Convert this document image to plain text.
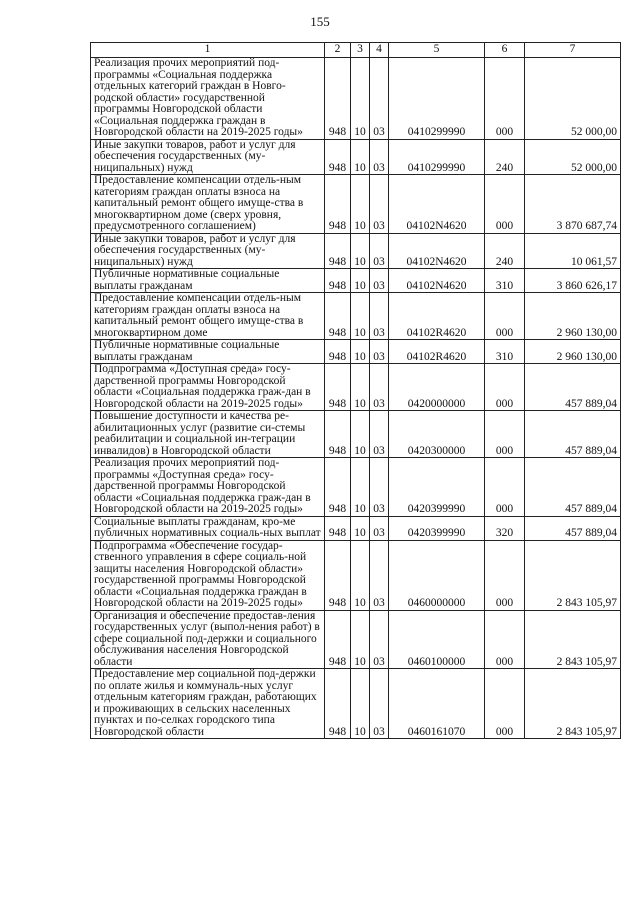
155
1	2	3	4	5	6	7
Реализация прочих мероприятий под-программы «Социальная поддержка отдельных категорий граждан в Новго-родской области» государственной программы Новгородской области «Социальная поддержка граждан в Новгородской области на 2019-2025 годы»	948	10	03	0410299990	000	52 000,00
Иные закупки товаров, работ и услуг для обеспечения государственных (му-ниципальных) нужд	948	10	03	0410299990	240	52 000,00
Предоставление компенсации отдель-ным категориям граждан оплаты взноса на капитальный ремонт общего имуще-ства в многоквартирном доме (сверх уровня, предусмотренного соглашением)	948	10	03	04102N4620	000	3 870 687,74
Иные закупки товаров, работ и услуг для обеспечения государственных (му-ниципальных) нужд	948	10	03	04102N4620	240	10 061,57
Публичные нормативные социальные выплаты гражданам	948	10	03	04102N4620	310	3 860 626,17
Предоставление компенсации отдель-ным категориям граждан оплаты взноса на капитальный ремонт общего имуще-ства в многоквартирном доме	948	10	03	04102R4620	000	2 960 130,00
Публичные нормативные социальные выплаты гражданам	948	10	03	04102R4620	310	2 960 130,00
Подпрограмма «Доступная среда» госу-дарственной программы Новгородской области «Социальная поддержка граж-дан в Новгородской области на 2019-2025 годы»	948	10	03	0420000000	000	457 889,04
Повышение доступности и качества ре-абилитационных услуг (развитие си-стемы реабилитации и социальной ин-теграции инвалидов) в Новгородской области	948	10	03	0420300000	000	457 889,04
Реализация прочих мероприятий под-программы «Доступная среда» госу-дарственной программы Новгородской области «Социальная поддержка граж-дан в Новгородской области на 2019-2025 годы»	948	10	03	0420399990	000	457 889,04
Социальные выплаты гражданам, кро-ме публичных нормативных социаль-ных выплат	948	10	03	0420399990	320	457 889,04
Подпрограмма «Обеспечение государ-ственного управления в сфере социаль-ной защиты населения Новгородской области» государственной программы Новгородской области «Социальная поддержка граждан в Новгородской области на 2019-2025 годы»	948	10	03	0460000000	000	2 843 105,97
Организация и обеспечение предостав-ления государственных услуг (выпол-нения работ) в сфере социальной под-держки и социального обслуживания населения Новгородской области	948	10	03	0460100000	000	2 843 105,97
Предоставление мер социальной под-держки по оплате жилья и коммуналь-ных услуг отдельным категориям граждан, работающих и проживающих в сельских населенных пунктах и по-селках городского типа Новгородской области	948	10	03	0460161070	000	2 843 105,97
